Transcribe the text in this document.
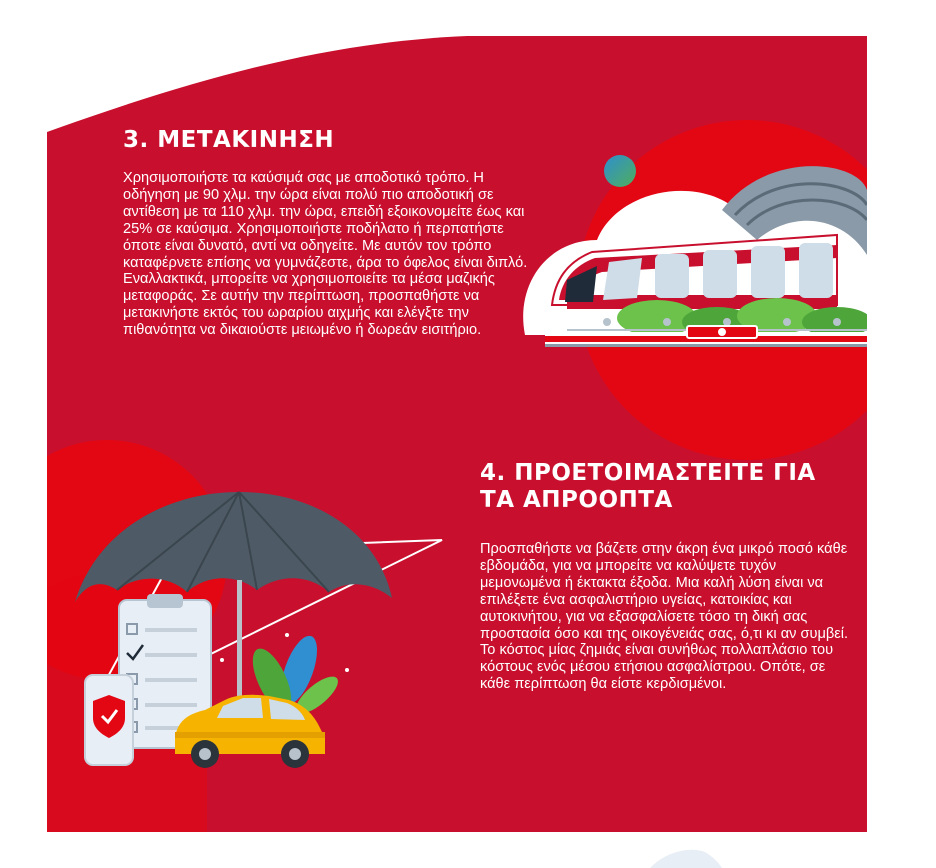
3. ΜΕΤΑΚΙΝΗΣΗ

Χρησιμοποιήστε τα καύσιμά σας με αποδοτικό τρόπο. Η οδήγηση με 90 χλμ. την ώρα είναι πολύ πιο αποδοτική σε αντίθεση με τα 110 χλμ. την ώρα, επειδή εξοικονομείτε έως και 25% σε καύσιμα. Χρησιμοποιήστε ποδήλατο ή περπατήστε όποτε είναι δυνατό, αντί να οδηγείτε. Με αυτόν τον τρόπο καταφέρνετε επίσης να γυμνάζεστε, άρα το όφελος είναι διπλό. Εναλλακτικά, μπορείτε να χρησιμοποιείτε τα μέσα μαζικής μεταφοράς. Σε αυτήν την περίπτωση, προσπαθήστε να μετακινήστε εκτός του ωραρίου αιχμής και ελέγξτε την πιθανότητα να δικαιούστε μειωμένο ή δωρεάν εισιτήριο.

4. ΠΡΟΕΤΟΙΜΑΣΤΕΙΤΕ ΓΙΑ
ΤΑ ΑΠΡΟΟΠΤΑ

Προσπαθήστε να βάζετε στην άκρη ένα μικρό ποσό κάθε εβδομάδα, για να μπορείτε να καλύψετε τυχόν μεμονωμένα ή έκτακτα έξοδα. Μια καλή λύση είναι να επιλέξετε ένα ασφαλιστήριο υγείας, κατοικίας και αυτοκινήτου, για να εξασφαλίσετε τόσο τη δική σας προστασία όσο και της οικογένειάς σας, ό,τι κι αν συμβεί. Το κόστος μίας ζημιάς είναι συνήθως πολλαπλάσιο του κόστους ενός μέσου ετήσιου ασφαλίστρου. Οπότε, σε κάθε περίπτωση θα είστε κερδισμένοι.
